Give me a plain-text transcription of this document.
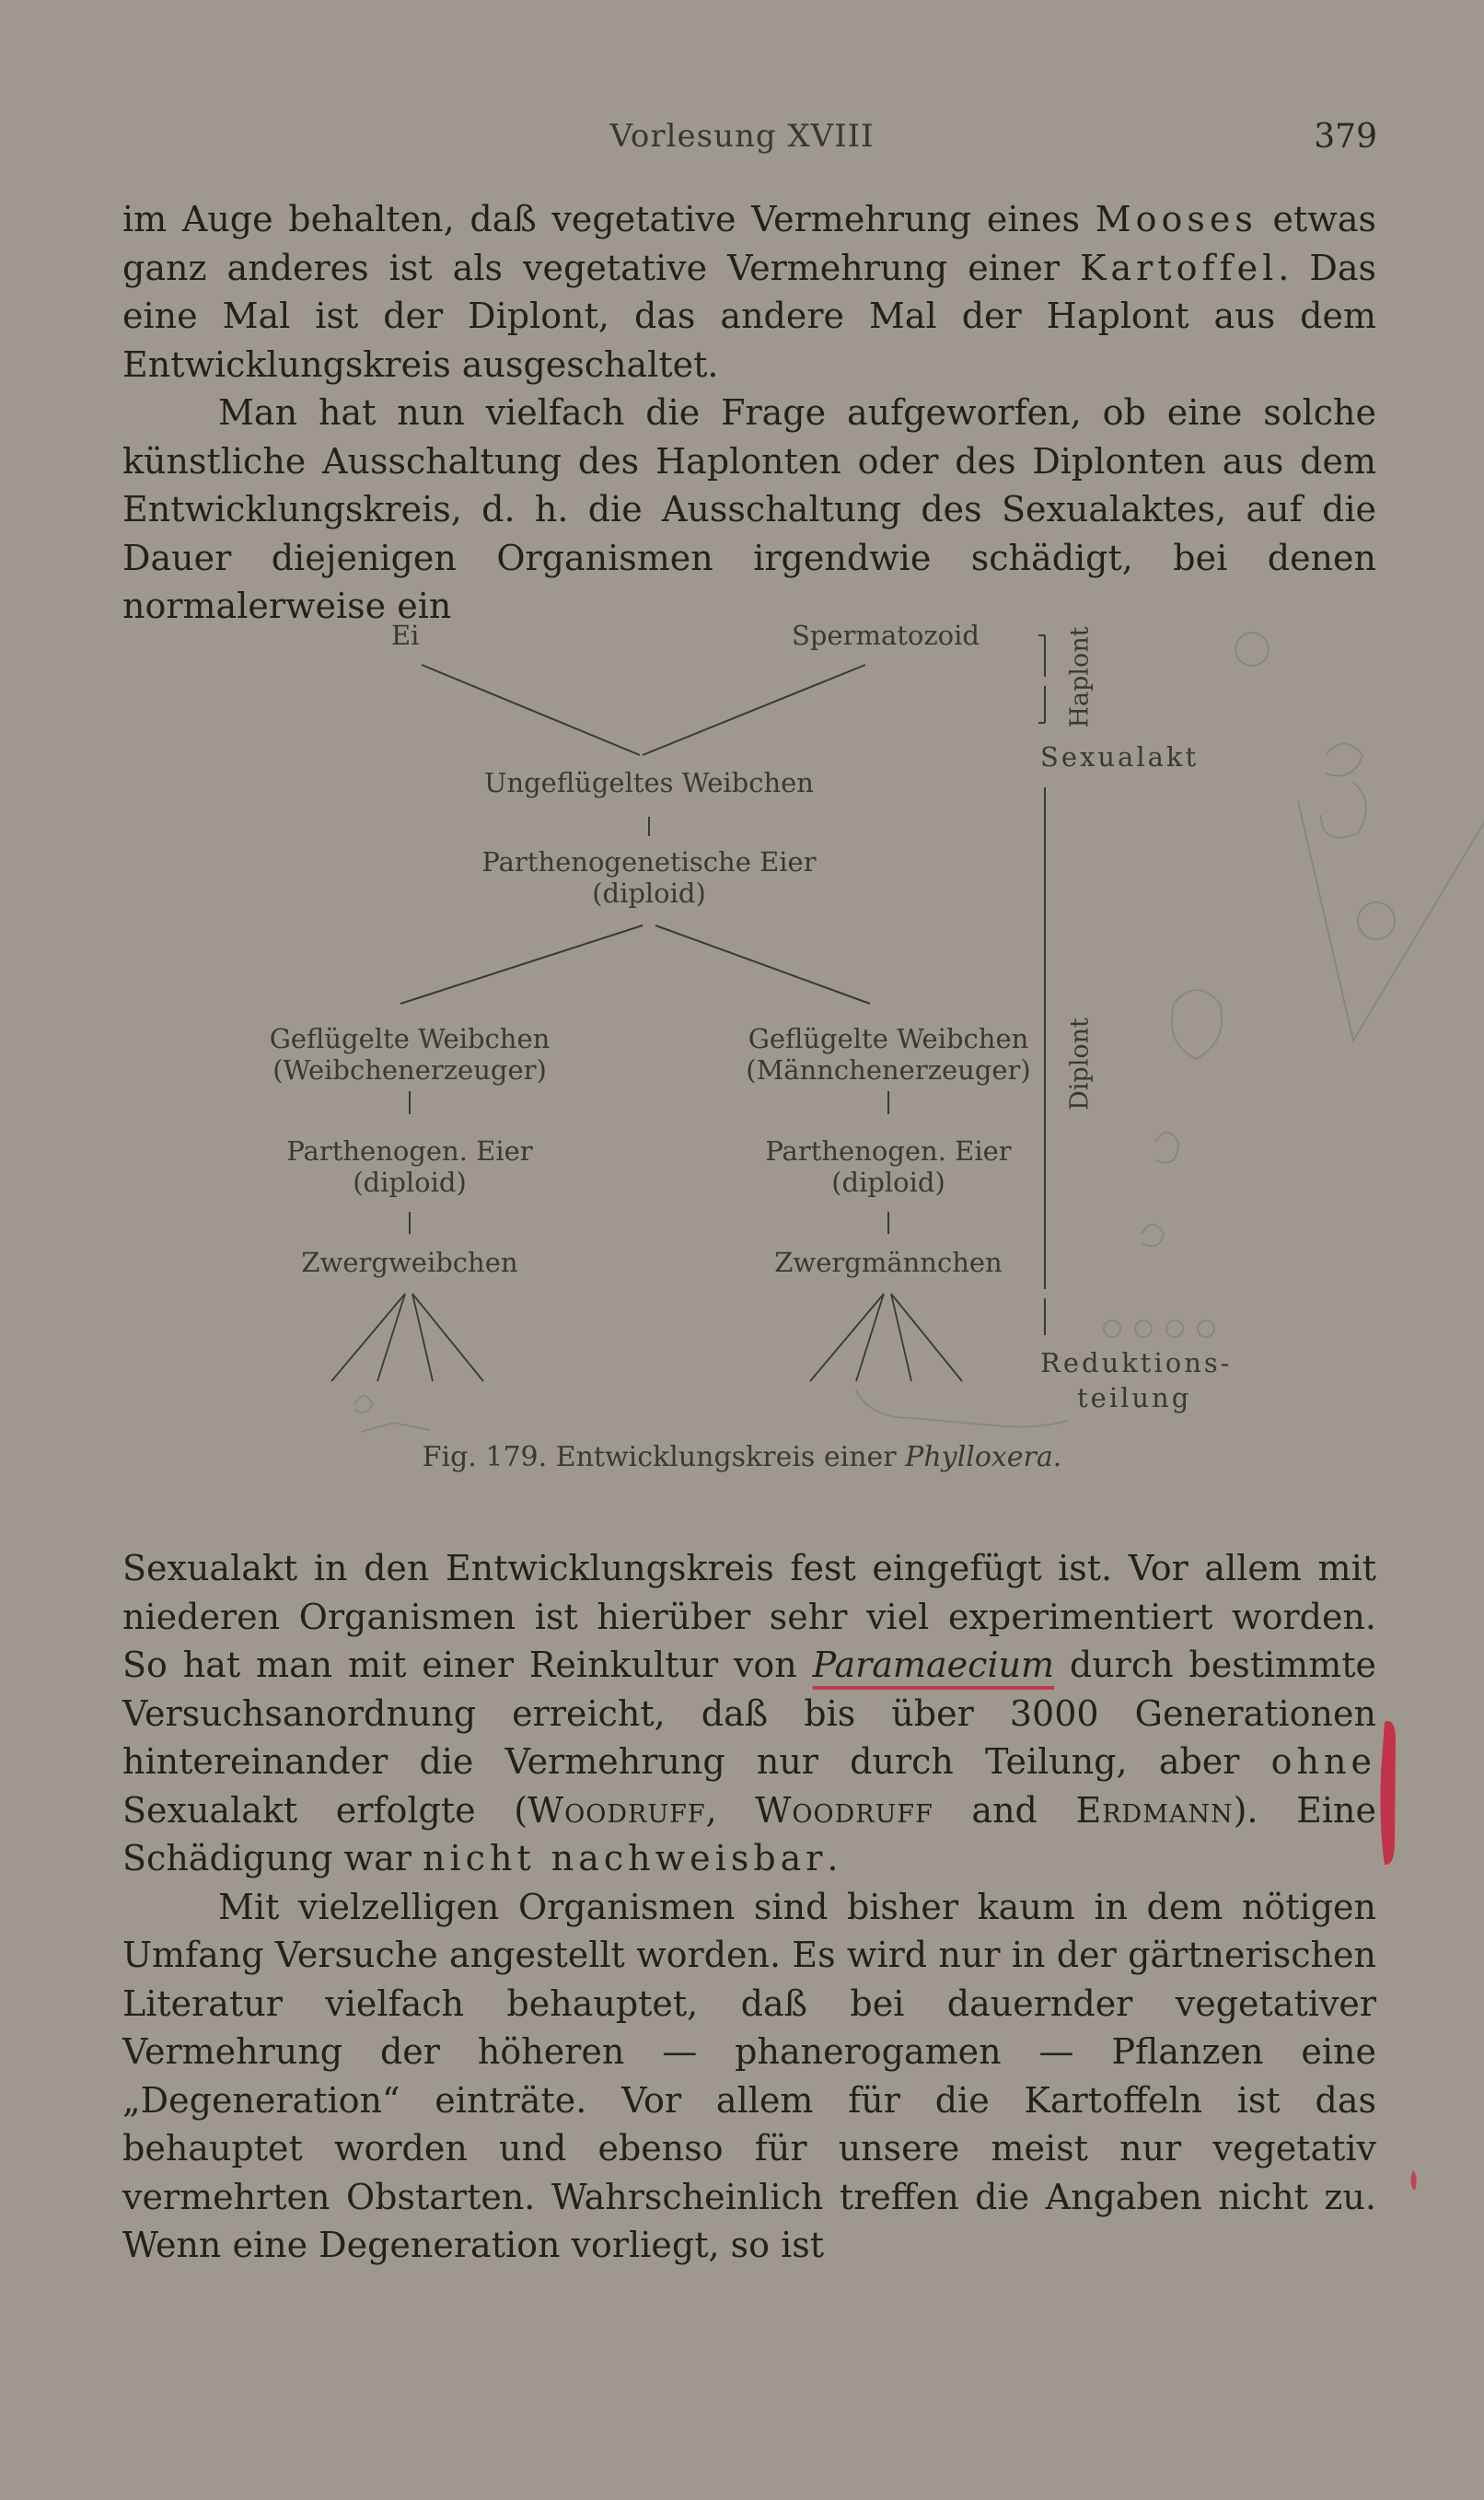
Vorlesung XVIII	379

im Auge behalten, daß vegetative Vermehrung eines Mooses etwas ganz anderes ist als vegetative Vermehrung einer Kartoffel. Das eine Mal ist der Diplont, das andere Mal der Haplont aus dem Entwicklungskreis ausgeschaltet.

Man hat nun vielfach die Frage aufgeworfen, ob eine solche künstliche Ausschaltung des Haplonten oder des Diplonten aus dem Entwicklungskreis, d. h. die Ausschaltung des Sexualaktes, auf die Dauer diejenigen Organismen irgendwie schädigt, bei denen normalerweise ein

Ei	Spermatozoid
Ungeflügeltes Weibchen
Parthenogenetische Eier
(diploid)
Geflügelte Weibchen
(Weibchenerzeuger)
Parthenogen. Eier
(diploid)
Zwergweibchen
Geflügelte Weibchen
(Männchenerzeuger)
Parthenogen. Eier
(diploid)
Zwergmännchen
Haplont
Sexualakt
Diplont
Reduktions-
teilung
Fig. 179. Entwicklungskreis einer Phylloxera.

Sexualakt in den Entwicklungskreis fest eingefügt ist. Vor allem mit niederen Organismen ist hierüber sehr viel experimentiert worden. So hat man mit einer Reinkultur von Paramaecium durch bestimmte Versuchsanordnung erreicht, daß bis über 3000 Generationen hintereinander die Vermehrung nur durch Teilung, aber ohne Sexualakt erfolgte (Woodruff, Woodruff and Erdmann). Eine Schädigung war nicht nachweisbar.

Mit vielzelligen Organismen sind bisher kaum in dem nötigen Umfang Versuche angestellt worden. Es wird nur in der gärtnerischen Literatur vielfach behauptet, daß bei dauernder vegetativer Vermehrung der höheren — phanerogamen — Pflanzen eine „Degeneration“ einträte. Vor allem für die Kartoffeln ist das behauptet worden und ebenso für unsere meist nur vegetativ vermehrten Obstarten. Wahrscheinlich treffen die Angaben nicht zu. Wenn eine Degeneration vorliegt, so ist
